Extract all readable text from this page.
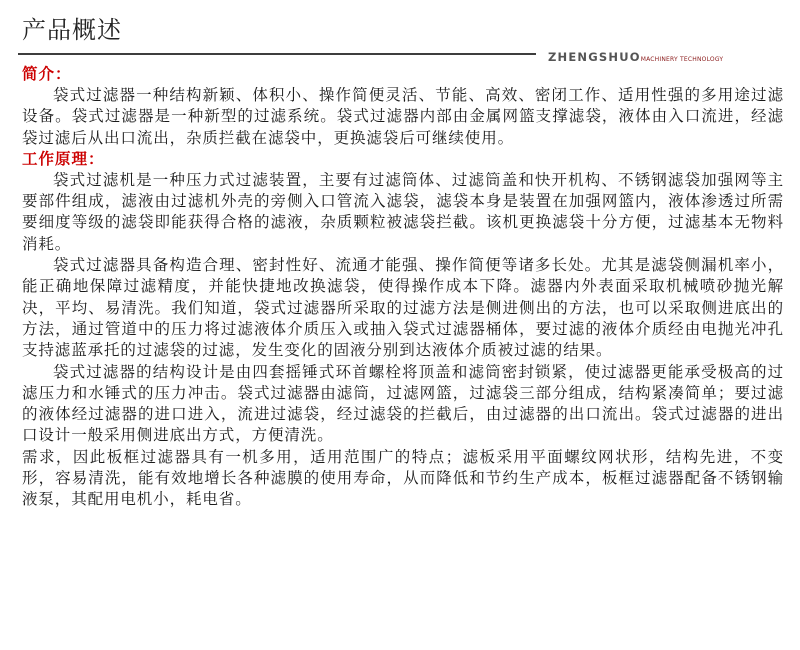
产品概述
ZHENGSHUOMACHINERY TECHNOLOGY
简介：

袋式过滤器一种结构新颖、体积小、操作简便灵活、节能、高效、密闭工作、适用性强的多用途过滤设备。袋式过滤器是一种新型的过滤系统。袋式过滤器内部由金属网篮支撑滤袋，液体由入口流进，经滤袋过滤后从出口流出，杂质拦截在滤袋中，更换滤袋后可继续使用。

工作原理：

袋式过滤机是一种压力式过滤装置，主要有过滤筒体、过滤筒盖和快开机构、不锈钢滤袋加强网等主要部件组成，滤液由过滤机外壳的旁侧入口管流入滤袋，滤袋本身是装置在加强网篮内，液体渗透过所需要细度等级的滤袋即能获得合格的滤液，杂质颗粒被滤袋拦截。该机更换滤袋十分方便，过滤基本无物料消耗。

袋式过滤器具备构造合理、密封性好、流通才能强、操作简便等诸多长处。尤其是滤袋侧漏机率小，能正确地保障过滤精度，并能快捷地改换滤袋，使得操作成本下降。滤器内外表面采取机械喷砂抛光解决，平均、易清洗。我们知道，袋式过滤器所采取的过滤方法是侧进侧出的方法，也可以采取侧进底出的方法，通过管道中的压力将过滤液体介质压入或抽入袋式过滤器桶体，要过滤的液体介质经由电抛光冲孔支持滤蓝承托的过滤袋的过滤，发生变化的固液分别到达液体介质被过滤的结果。

袋式过滤器的结构设计是由四套摇锤式环首螺栓将顶盖和滤筒密封锁紧，使过滤器更能承受极高的过滤压力和水锤式的压力冲击。袋式过滤器由滤筒，过滤网篮，过滤袋三部分组成，结构紧凑简单；要过滤的液体经过滤器的进口进入，流进过滤袋，经过滤袋的拦截后，由过滤器的出口流出。袋式过滤器的进出口设计一般采用侧进底出方式，方便清洗。

需求，因此板框过滤器具有一机多用，适用范围广的特点；滤板采用平面螺纹网状形，结构先进，不变形，容易清洗，能有效地增长各种滤膜的使用寿命，从而降低和节约生产成本，板框过滤器配备不锈钢输液泵，其配用电机小，耗电省。
